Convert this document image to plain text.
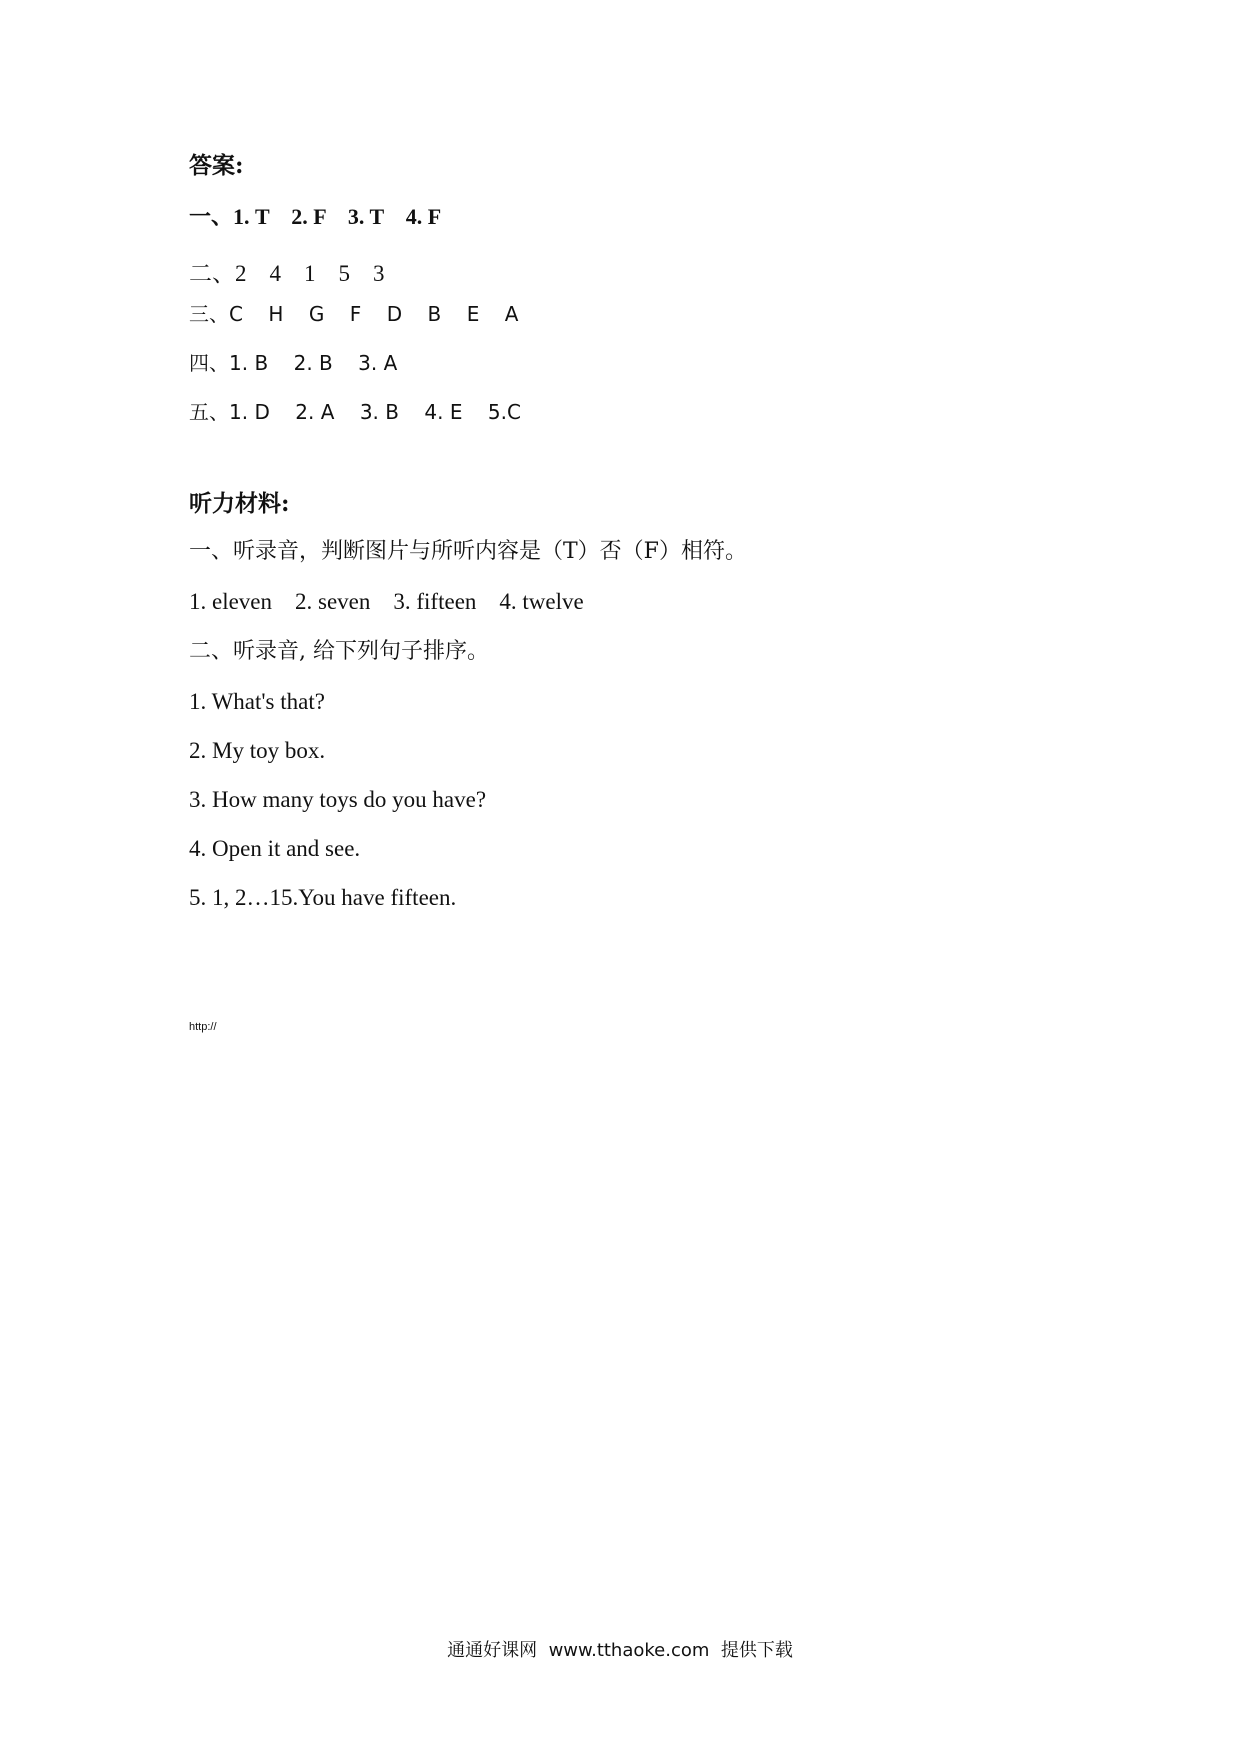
答案:
一、1. T    2. F    3. T    4. F
二、2    4    1    5    3
三、C    H    G    F    D    B    E    A
四、1. B    2. B    3. A
五、1. D    2. A    3. B    4. E    5.C
听力材料:
一、听录音，判断图片与所听内容是（T）否（F）相符。
1. eleven    2. seven    3. fifteen    4. twelve
二、听录音, 给下列句子排序。
1. What's that?
2. My toy box.
3. How many toys do you have?
4. Open it and see.
5. 1, 2…15.You have fifteen.
http://
通通好课网  www.tthaoke.com  提供下载
